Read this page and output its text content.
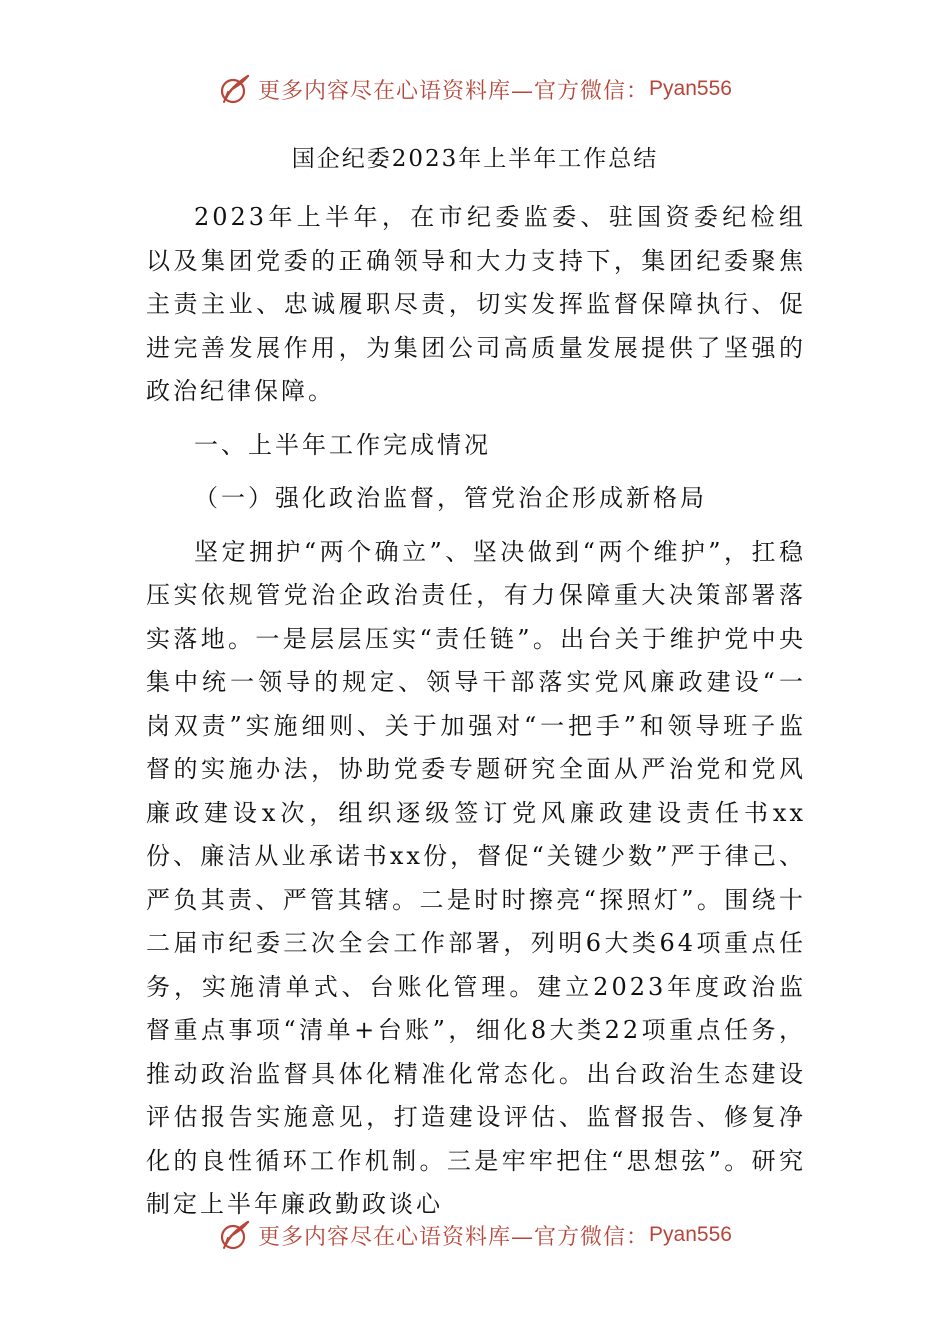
更多内容尽在心语资料库—官方微信： Pyan556
国企纪委2023年上半年工作总结

2023年上半年，在市纪委监委、驻国资委纪检组以及集团党委的正确领导和大力支持下，集团纪委聚焦主责主业、忠诚履职尽责，切实发挥监督保障执行、促进完善发展作用，为集团公司高质量发展提供了坚强的政治纪律保障。

一、上半年工作完成情况

（一）强化政治监督，管党治企形成新格局

坚定拥护“两个确立”、坚决做到“两个维护”，扛稳压实依规管党治企政治责任，有力保障重大决策部署落实落地。一是层层压实“责任链”。出台关于维护党中央集中统一领导的规定、领导干部落实党风廉政建设“一岗双责”实施细则、关于加强对“一把手”和领导班子监督的实施办法，协助党委专题研究全面从严治党和党风廉政建设x次，组织逐级签订党风廉政建设责任书xx份、廉洁从业承诺书xx份，督促“关键少数”严于律己、严负其责、严管其辖。二是时时擦亮“探照灯”。围绕十二届市纪委三次全会工作部署，列明6大类64项重点任务，实施清单式、台账化管理。建立2023年度政治监督重点事项“清单+台账”，细化8大类22项重点任务，推动政治监督具体化精准化常态化。出台政治生态建设评估报告实施意见，打造建设评估、监督报告、修复净化的良性循环工作机制。三是牢牢把住“思想弦”。研究制定上半年廉政勤政谈心

更多内容尽在心语资料库—官方微信： Pyan556
